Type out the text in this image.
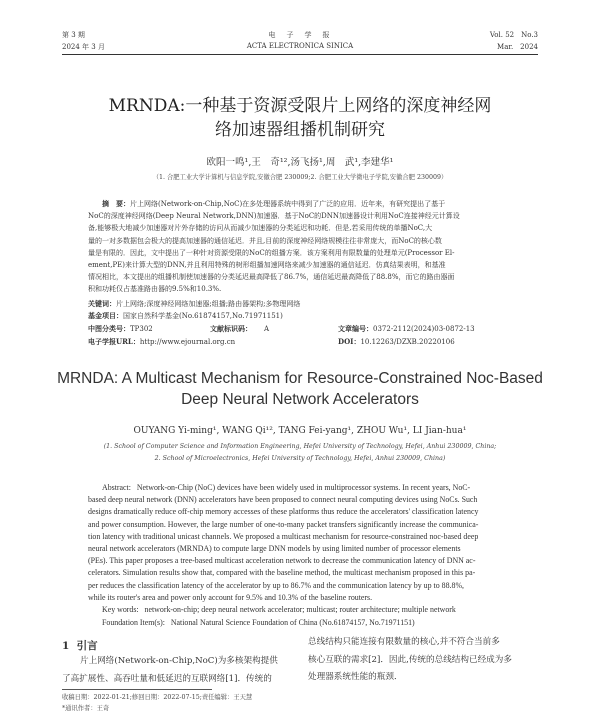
第 3 期
2024 年 3 月
电　子　学　报
ACTA ELECTRONICA SINICA
Vol. 52　No.3
Mar.　2024
MRNDA:一种基于资源受限片上网络的深度神经网
络加速器组播机制研究
欧阳一鸣¹,王　奇¹²,汤飞扬¹,周　武¹,李建华¹
（1. 合肥工业大学计算机与信息学院,安徽合肥 230009;2. 合肥工业大学微电子学院,安徽合肥 230009）
摘　要：片上网络(Network-on-Chip,NoC)在多处理器系统中得到了广泛的应用．近年来，有研究提出了基于
NoC的深度神经网络(Deep Neural Network,DNN)加速器．基于NoC的DNN加速器设计利用NoC连接神经元计算设
备,能够极大地减少加速器对片外存储的访问从而减少加速器的分类延迟和功耗．但是,若采用传统的单播NoC,大
量的一对多数据包会极大的提高加速器的通信延迟．并且,目前的深度神经网络规模往往非常庞大，而NoC的核心数
量是有限的．因此，文中提出了一种针对资源受限的NoC的组播方案．该方案利用有限数量的处理单元(Processor El-
ement,PE)来计算大型的DNN,并且利用特殊的树形组播加速网络来减少加速器的通信延迟．仿真结果表明，和基准
情况相比，本文提出的组播机制使加速器的分类延迟最高降低了86.7%，通信延迟最高降低了88.8%，而它的路由器面
积和功耗仅占基准路由器的9.5%和10.3%.
关键词：片上网络;深度神经网络加速器;组播;路由器架构;多物理网络
基金项目：国家自然科学基金(No.61874157,No.71971151)
中图分类号：TP302	文献标识码： A	文章编号：0372-2112(2024)03-0872-13
电子学报URL：http://www.ejournal.org.cn	DOI：10.12263/DZXB.20220106
MRNDA: A Multicast Mechanism for Resource-Constrained Noc-Based
Deep Neural Network Accelerators
OUYANG Yi-ming¹, WANG Qi¹², TANG Fei-yang¹, ZHOU Wu¹, LI Jian-hua¹
(1. School of Computer Science and Information Engineering, Hefei University of Technology, Hefei, Anhui 230009, China;
2. School of Microelectronics, Hefei University of Technology, Hefei, Anhui 230009, China)
Abstract: Network-on-Chip (NoC) devices have been widely used in multiprocessor systems. In recent years, NoC-
based deep neural network (DNN) accelerators have been proposed to connect neural computing devices using NoCs. Such
designs dramatically reduce off-chip memory accesses of these platforms thus reduce the accelerators' classification latency
and power consumption. However, the large number of one-to-many packet transfers significantly increase the communica-
tion latency with traditional unicast channels. We proposed a multicast mechanism for resource-constrained noc-based deep
neural network accelerators (MRNDA) to compute large DNN models by using limited number of processor elements
(PEs). This paper proposes a tree-based multicast acceleration network to decrease the communication latency of DNN ac-
celerators. Simulation results show that, compared with the baseline method, the multicast mechanism proposed in this pa-
per reduces the classification latency of the accelerator by up to 86.7% and the communication latency by up to 88.8%,
while its router's area and power only account for 9.5% and 10.3% of the baseline routers.
Key words: network-on-chip; deep neural network accelerator; multicast; router architecture; multiple network
Foundation Item(s): National Natural Science Foundation of China (No.61874157, No.71971151)
1 引言
片上网络(Network-on-Chip,NoC)为多核架构提供
了高扩展性、高吞吐量和低延迟的互联网络[1]．传统的
总线结构只能连接有限数量的核心,并不符合当前多
核心互联的需求[2]．因此,传统的总线结构已经成为多
处理器系统性能的瓶颈．
收稿日期：2022-01-21;修回日期：2022-07-15;责任编辑：王天慧
*通讯作者：王奇
